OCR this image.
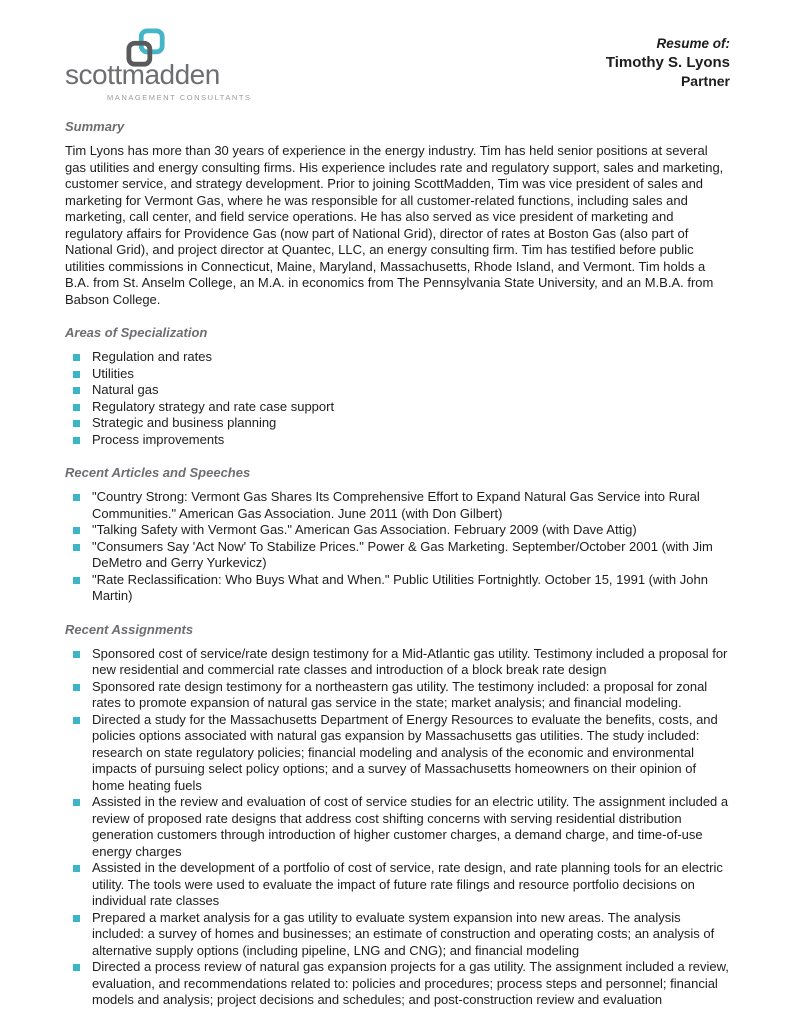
scottmadden
MANAGEMENT CONSULTANTS
Resume of:
Timothy S. Lyons
Partner
Summary

Tim Lyons has more than 30 years of experience in the energy industry. Tim has held senior positions at several gas utilities and energy consulting firms. His experience includes rate and regulatory support, sales and marketing, customer service, and strategy development. Prior to joining ScottMadden, Tim was vice president of sales and marketing for Vermont Gas, where he was responsible for all customer-related functions, including sales and marketing, call center, and field service operations. He has also served as vice president of marketing and regulatory affairs for Providence Gas (now part of National Grid), director of rates at Boston Gas (also part of National Grid), and project director at Quantec, LLC, an energy consulting firm. Tim has testified before public utilities commissions in Connecticut, Maine, Maryland, Massachusetts, Rhode Island, and Vermont. Tim holds a B.A. from St. Anselm College, an M.A. in economics from The Pennsylvania State University, and an M.B.A. from Babson College.

Areas of Specialization
Regulation and rates
Utilities
Natural gas
Regulatory strategy and rate case support
Strategic and business planning
Process improvements
Recent Articles and Speeches
"Country Strong: Vermont Gas Shares Its Comprehensive Effort to Expand Natural Gas Service into Rural Communities." American Gas Association. June 2011 (with Don Gilbert)
"Talking Safety with Vermont Gas." American Gas Association. February 2009 (with Dave Attig)
"Consumers Say 'Act Now' To Stabilize Prices." Power & Gas Marketing. September/October 2001 (with Jim DeMetro and Gerry Yurkevicz)
"Rate Reclassification: Who Buys What and When." Public Utilities Fortnightly. October 15, 1991 (with John Martin)
Recent Assignments
Sponsored cost of service/rate design testimony for a Mid-Atlantic gas utility. Testimony included a proposal for new residential and commercial rate classes and introduction of a block break rate design
Sponsored rate design testimony for a northeastern gas utility. The testimony included: a proposal for zonal rates to promote expansion of natural gas service in the state; market analysis; and financial modeling.
Directed a study for the Massachusetts Department of Energy Resources to evaluate the benefits, costs, and policies options associated with natural gas expansion by Massachusetts gas utilities. The study included: research on state regulatory policies; financial modeling and analysis of the economic and environmental impacts of pursuing select policy options; and a survey of Massachusetts homeowners on their opinion of home heating fuels
Assisted in the review and evaluation of cost of service studies for an electric utility. The assignment included a review of proposed rate designs that address cost shifting concerns with serving residential distribution generation customers through introduction of higher customer charges, a demand charge, and time-of-use energy charges
Assisted in the development of a portfolio of cost of service, rate design, and rate planning tools for an electric utility. The tools were used to evaluate the impact of future rate filings and resource portfolio decisions on individual rate classes
Prepared a market analysis for a gas utility to evaluate system expansion into new areas. The analysis included: a survey of homes and businesses; an estimate of construction and operating costs; an analysis of alternative supply options (including pipeline, LNG and CNG); and financial modeling
Directed a process review of natural gas expansion projects for a gas utility. The assignment included a review, evaluation, and recommendations related to: policies and procedures; process steps and personnel; financial models and analysis; project decisions and schedules; and post-construction review and evaluation
